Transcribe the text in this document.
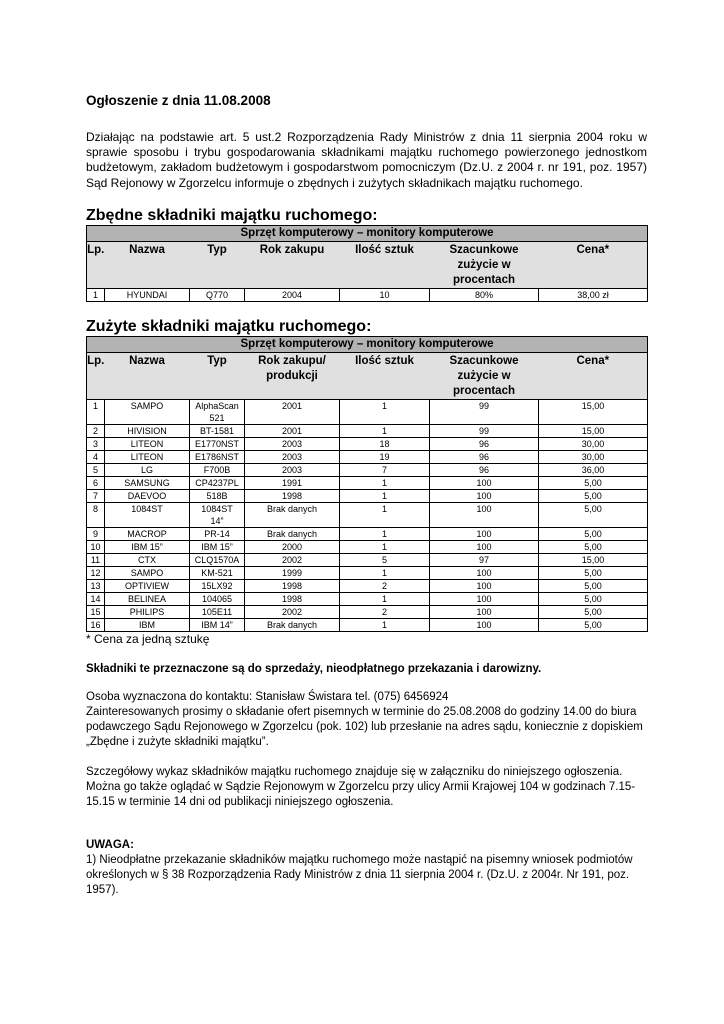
Ogłoszenie z dnia 11.08.2008
Działając na podstawie art. 5 ust.2 Rozporządzenia Rady Ministrów z dnia 11 sierpnia 2004 roku w sprawie sposobu i trybu gospodarowania składnikami majątku ruchomego powierzonego jednostkom budżetowym, zakładom budżetowym i gospodarstwom pomocniczym (Dz.U. z 2004 r. nr 191, poz. 1957) Sąd Rejonowy w Zgorzelcu informuje o zbędnych i zużytych składnikach majątku ruchomego.
Zbędne składniki majątku ruchomego:
Sprzęt komputerowy – monitory komputerowe						
Lp.	Nazwa	Typ	Rok zakupu	Ilość sztuk	Szacunkowe zużycie w procentach	Cena*
1	HYUNDAI	Q770	2004	10	80%	38,00 zł
Zużyte składniki majątku ruchomego:
Sprzęt komputerowy – monitory komputerowe						
Lp.	Nazwa	Typ	Rok zakupu/ produkcji	Ilość sztuk	Szacunkowe zużycie w procentach	Cena*
1	SAMPO	AlphaScan 521	2001	1	99	15,00
2	HIVISION	BT-1581	2001	1	99	15,00
3	LITEON	E1770NST	2003	18	96	30,00
4	LITEON	E1786NST	2003	19	96	30,00
5	LG	F700B	2003	7	96	36,00
6	SAMSUNG	CP4237PL	1991	1	100	5,00
7	DAEVOO	518B	1998	1	100	5,00
8	1084ST	1084ST 14”	Brak danych	1	100	5,00
9	MACROP	PR-14	Brak danych	1	100	5,00
10	IBM 15”	IBM 15”	2000	1	100	5,00
11	CTX	CLQ1570A	2002	5	97	15,00
12	SAMPO	KM-521	1999	1	100	5,00
13	OPTIVIEW	15LX92	1998	2	100	5,00
14	BELINEA	104065	1998	1	100	5,00
15	PHILIPS	105E11	2002	2	100	5,00
16	IBM	IBM 14”	Brak danych	1	100	5,00
* Cena za jedną sztukę
Składniki te przeznaczone są do sprzedaży, nieodpłatnego przekazania i darowizny.
Osoba wyznaczona do kontaktu: Stanisław Świstara tel. (075) 6456924
Zainteresowanych prosimy o składanie ofert pisemnych w terminie do 25.08.2008 do godziny 14.00 do biura podawczego Sądu Rejonowego w Zgorzelcu (pok. 102) lub przesłanie na adres sądu, koniecznie z dopiskiem „Zbędne i zużyte składniki majątku”.
Szczegółowy wykaz składników majątku ruchomego znajduje się w załączniku do niniejszego ogłoszenia. Można go także oglądać w Sądzie Rejonowym w Zgorzelcu przy ulicy Armii Krajowej 104 w godzinach 7.15-15.15 w terminie 14 dni od publikacji niniejszego ogłoszenia.
UWAGA:
1) Nieodpłatne przekazanie składników majątku ruchomego może nastąpić na pisemny wniosek podmiotów określonych w § 38 Rozporządzenia Rady Ministrów z dnia 11 sierpnia 2004 r. (Dz.U. z 2004r. Nr 191, poz. 1957).
